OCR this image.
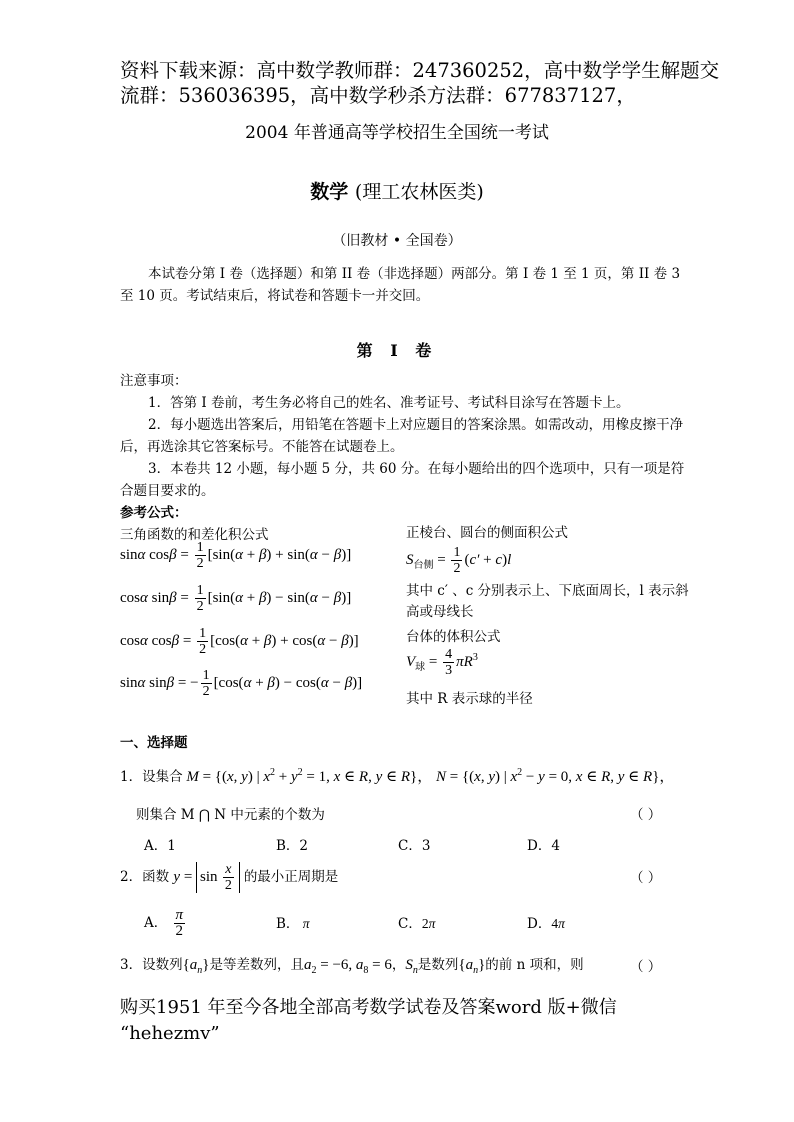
资料下载来源：高中数学教师群：247360252，高中数学学生解题交
流群：536036395，高中数学秒杀方法群：677837127，
2004 年普通高等学校招生全国统一考试
数学 (理工农林医类)
（旧教材 • 全国卷）
本试卷分第 I 卷（选择题）和第 II 卷（非选择题）两部分。第 I 卷 1 至 1 页，第 II 卷 3 至 10 页。考试结束后，将试卷和答题卡一并交回。
第 I 卷

注意事项：

1．答第 I 卷前，考生务必将自己的姓名、准考证号、考试科目涂写在答题卡上。

2．每小题选出答案后，用铅笔在答题卡上对应题目的答案涂黑。如需改动，用橡皮擦干净后，再选涂其它答案标号。不能答在试题卷上。

3．本卷共 12 小题，每小题 5 分，共 60 分。在每小题给出的四个选项中，只有一项是符合题目要求的。

参考公式：

三角函数的和差化积公式

sinα $\cos\beta = \frac{1}{2} [\sin(\alpha + \beta) + \sin(\alpha - \beta)]$
cosα $\sin\beta = \frac{1}{2} [\sin(\alpha + \beta) - \sin(\alpha - \beta)]$
cosα $\cos\beta = \frac{1}{2} [\cos(\alpha + \beta) + \cos(\alpha - \beta)]$
sinα sinβ = − $\frac{1}{2} [\cos(\alpha + \beta) - \cos(\alpha - \beta)]$
正棱台、圆台的侧面积公式
$S_{台侧} = \frac{1}{2} (c' + c)l$
其中 c′ 、c 分别表示上、下底面周长，l 表示斜高或母线长
台体的体积公式
$V_球 = \frac{4}{3} \pi R^3$
其中 R 表示球的半径
一、选择题
1．设集合 M = {(x, y) | $x^2 + y^2 = 1$, x ∈ R, y ∈ R}， N = {(x, y) | $x^2 - y = 0$, x ∈ R, y ∈ R}，
则集合 M ⋂ N 中元素的个数为	（ ）
A．1	B．2	C．3	D．4
2．函数 $y = \sin \frac{x}{2}$ 的最小正周期是	（ ）
A． $\frac{\pi}{2}$	B． π	C．2π	D．4π
3．设数列$\{a_n\}$是等差数列，且$a_2 = -6$, $a_8 = 6$，$S_n$是数列$\{a_n\}$的前 n 项和，则	（ ）
购买1951 年至今各地全部高考数学试卷及答案word 版+微信
“hehezmv”
